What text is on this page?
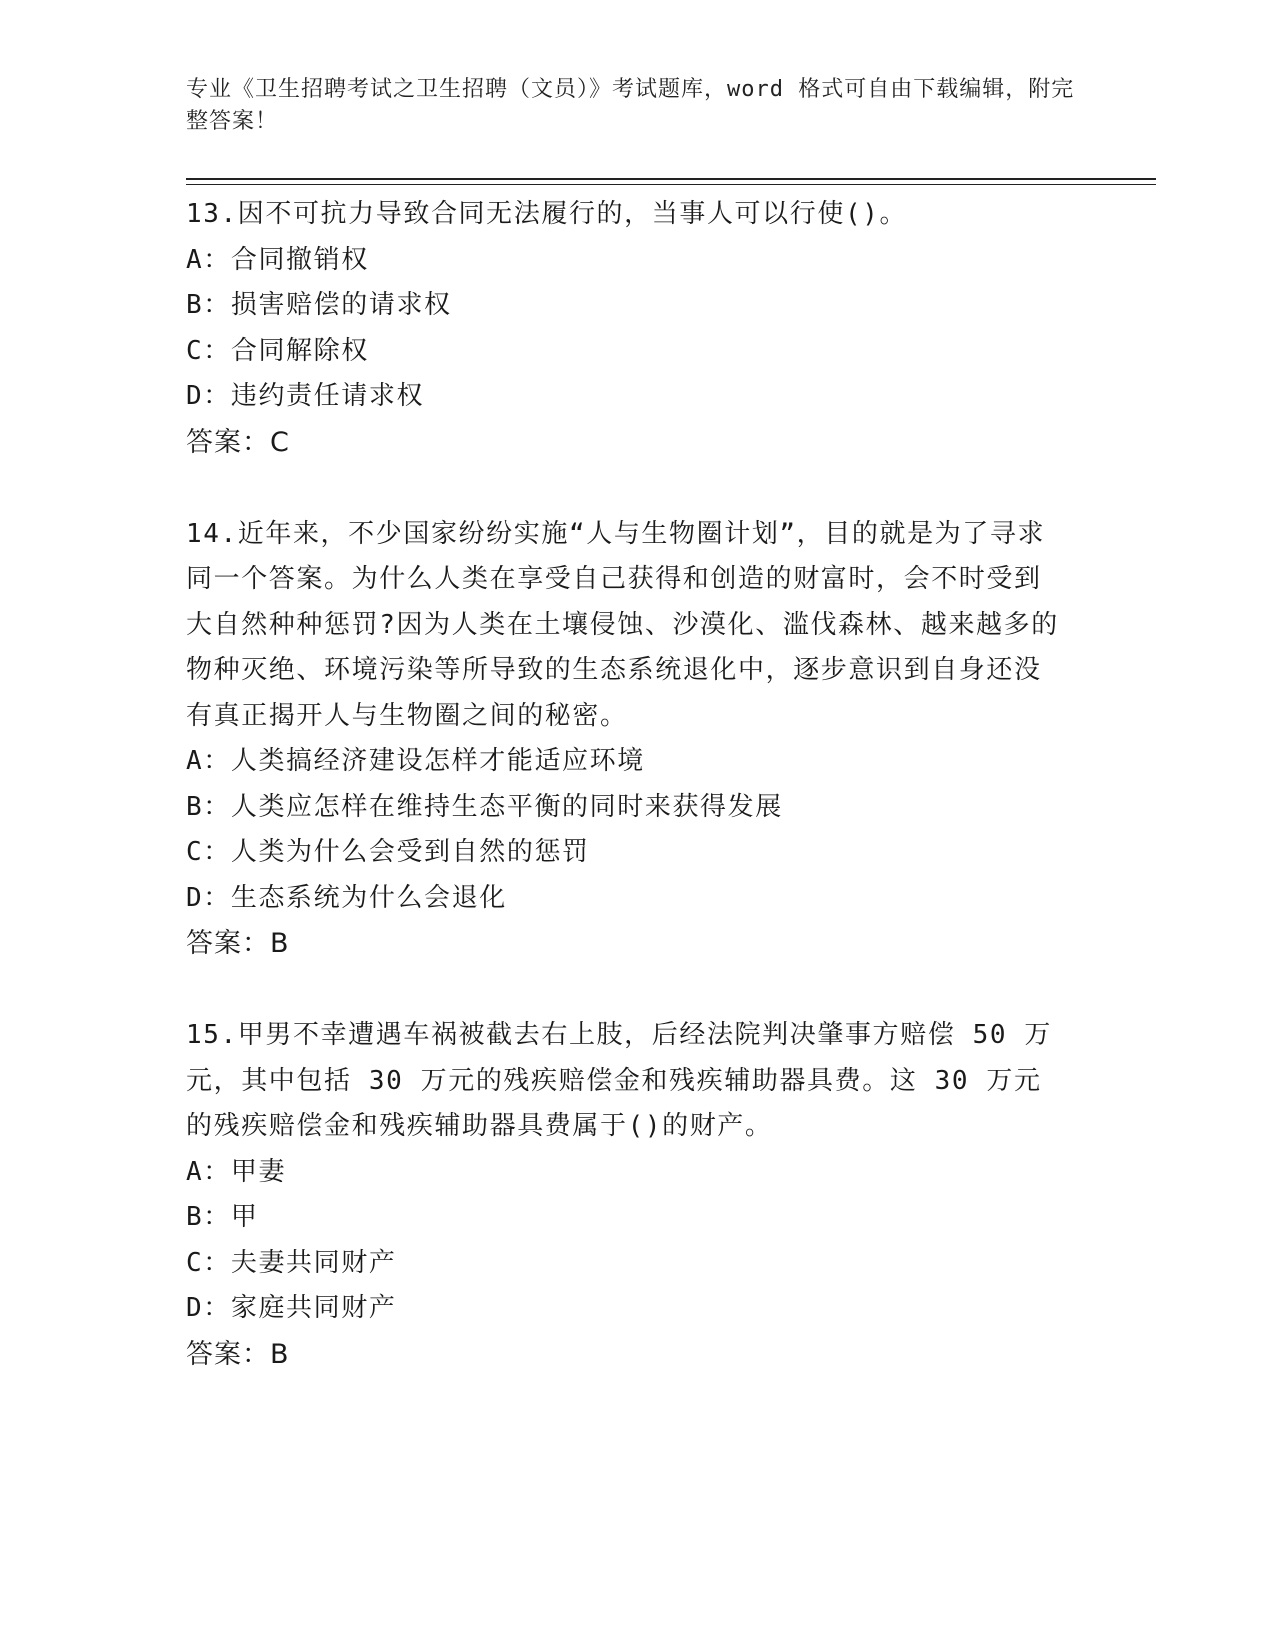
专业《卫生招聘考试之卫生招聘（文员）》考试题库，word 格式可自由下载编辑，附完整答案！

13.因不可抗力导致合同无法履行的，当事人可以行使()。

A： 合同撤销权

B： 损害赔偿的请求权

C： 合同解除权

D： 违约责任请求权

答案：C

14.近年来，不少国家纷纷实施“人与生物圈计划”，目的就是为了寻求同一个答案。为什么人类在享受自己获得和创造的财富时，会不时受到大自然种种惩罚?因为人类在土壤侵蚀、沙漠化、滥伐森林、越来越多的物种灭绝、环境污染等所导致的生态系统退化中，逐步意识到自身还没有真正揭开人与生物圈之间的秘密。

A： 人类搞经济建设怎样才能适应环境

B： 人类应怎样在维持生态平衡的同时来获得发展

C： 人类为什么会受到自然的惩罚

D： 生态系统为什么会退化

答案：B

15.甲男不幸遭遇车祸被截去右上肢，后经法院判决肇事方赔偿 50 万元，其中包括 30 万元的残疾赔偿金和残疾辅助器具费。这 30 万元的残疾赔偿金和残疾辅助器具费属于()的财产。

A： 甲妻

B： 甲

C： 夫妻共同财产

D： 家庭共同财产

答案：B
